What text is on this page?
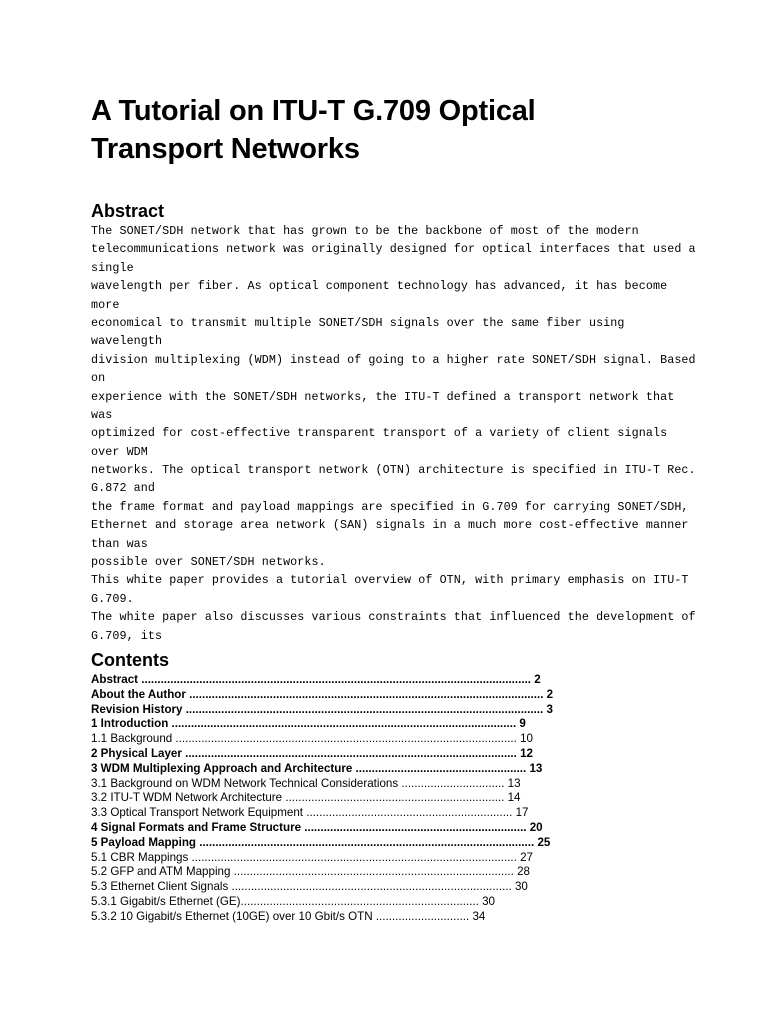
A Tutorial on ITU-T G.709 Optical
Transport Networks
Abstract
The SONET/SDH network that has grown to be the backbone of most of the modern
telecommunications network was originally designed for optical interfaces that used a
single
wavelength per fiber. As optical component technology has advanced, it has become
more
economical to transmit multiple SONET/SDH signals over the same fiber using
wavelength
division multiplexing (WDM) instead of going to a higher rate SONET/SDH signal. Based
on
experience with the SONET/SDH networks, the ITU-T defined a transport network that
was
optimized for cost-effective transparent transport of a variety of client signals
over WDM
networks. The optical transport network (OTN) architecture is specified in ITU-T Rec.
G.872 and
the frame format and payload mappings are specified in G.709 for carrying SONET/SDH,
Ethernet and storage area network (SAN) signals in a much more cost-effective manner
than was
possible over SONET/SDH networks.
This white paper provides a tutorial overview of OTN, with primary emphasis on ITU-T
G.709.
The white paper also discusses various constraints that influenced the development of
G.709, its
Contents
Abstract ......................................................................................................................... 2
About the Author .............................................................................................................. 2
Revision History ............................................................................................................... 3
1 Introduction ........................................................................................................... 9
1.1 Background .......................................................................................................... 10
2 Physical Layer ....................................................................................................... 12
3 WDM Multiplexing Approach and Architecture ..................................................... 13
3.1 Background on WDM Network Technical Considerations ................................ 13
3.2 ITU-T WDM Network Architecture .................................................................... 14
3.3 Optical Transport Network Equipment ................................................................ 17
4 Signal Formats and Frame Structure ..................................................................... 20
5 Payload Mapping ........................................................................................................ 25
5.1 CBR Mappings ..................................................................................................... 27
5.2 GFP and ATM Mapping ....................................................................................... 28
5.3 Ethernet Client Signals ....................................................................................... 30
5.3.1 Gigabit/s Ethernet (GE).......................................................................... 30
5.3.2 10 Gigabit/s Ethernet (10GE) over 10 Gbit/s OTN ............................. 34
